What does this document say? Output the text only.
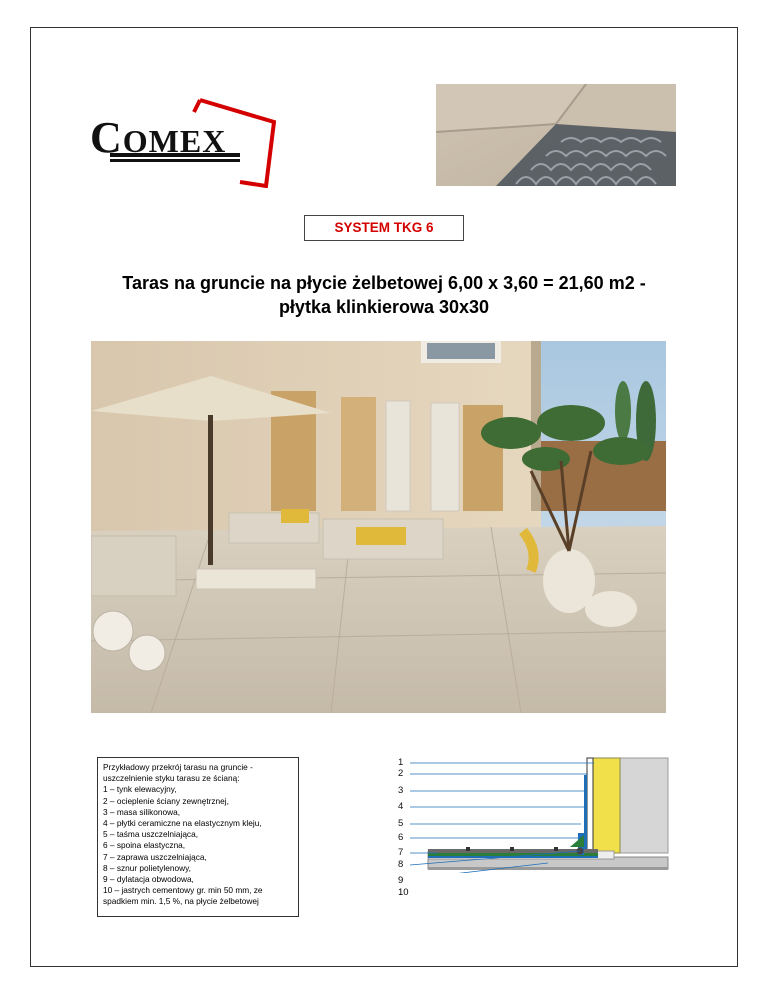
COMEX
SYSTEM TKG 6
Taras na gruncie na płycie żelbetowej 6,00 x 3,60 = 21,60 m2 -
płytka klinkierowa 30x30

Przykładowy przekrój tarasu na gruncie -

uszczelnienie styku tarasu ze ścianą:

1 – tynk elewacyjny,

2 – ocieplenie ściany zewnętrznej,

3 – masa silikonowa,

4 – płytki ceramiczne na elastycznym kleju,

5 – taśma uszczelniająca,

6 – spoina elastyczna,

7 – zaprawa uszczelniająca,

8 – sznur polietylenowy,

9 – dylatacja obwodowa,

10 – jastrych cementowy gr. min 50 mm, ze spadkiem min. 1,5 %, na płycie żelbetowej

1
2
3
4
5
6
7
8
9
10
